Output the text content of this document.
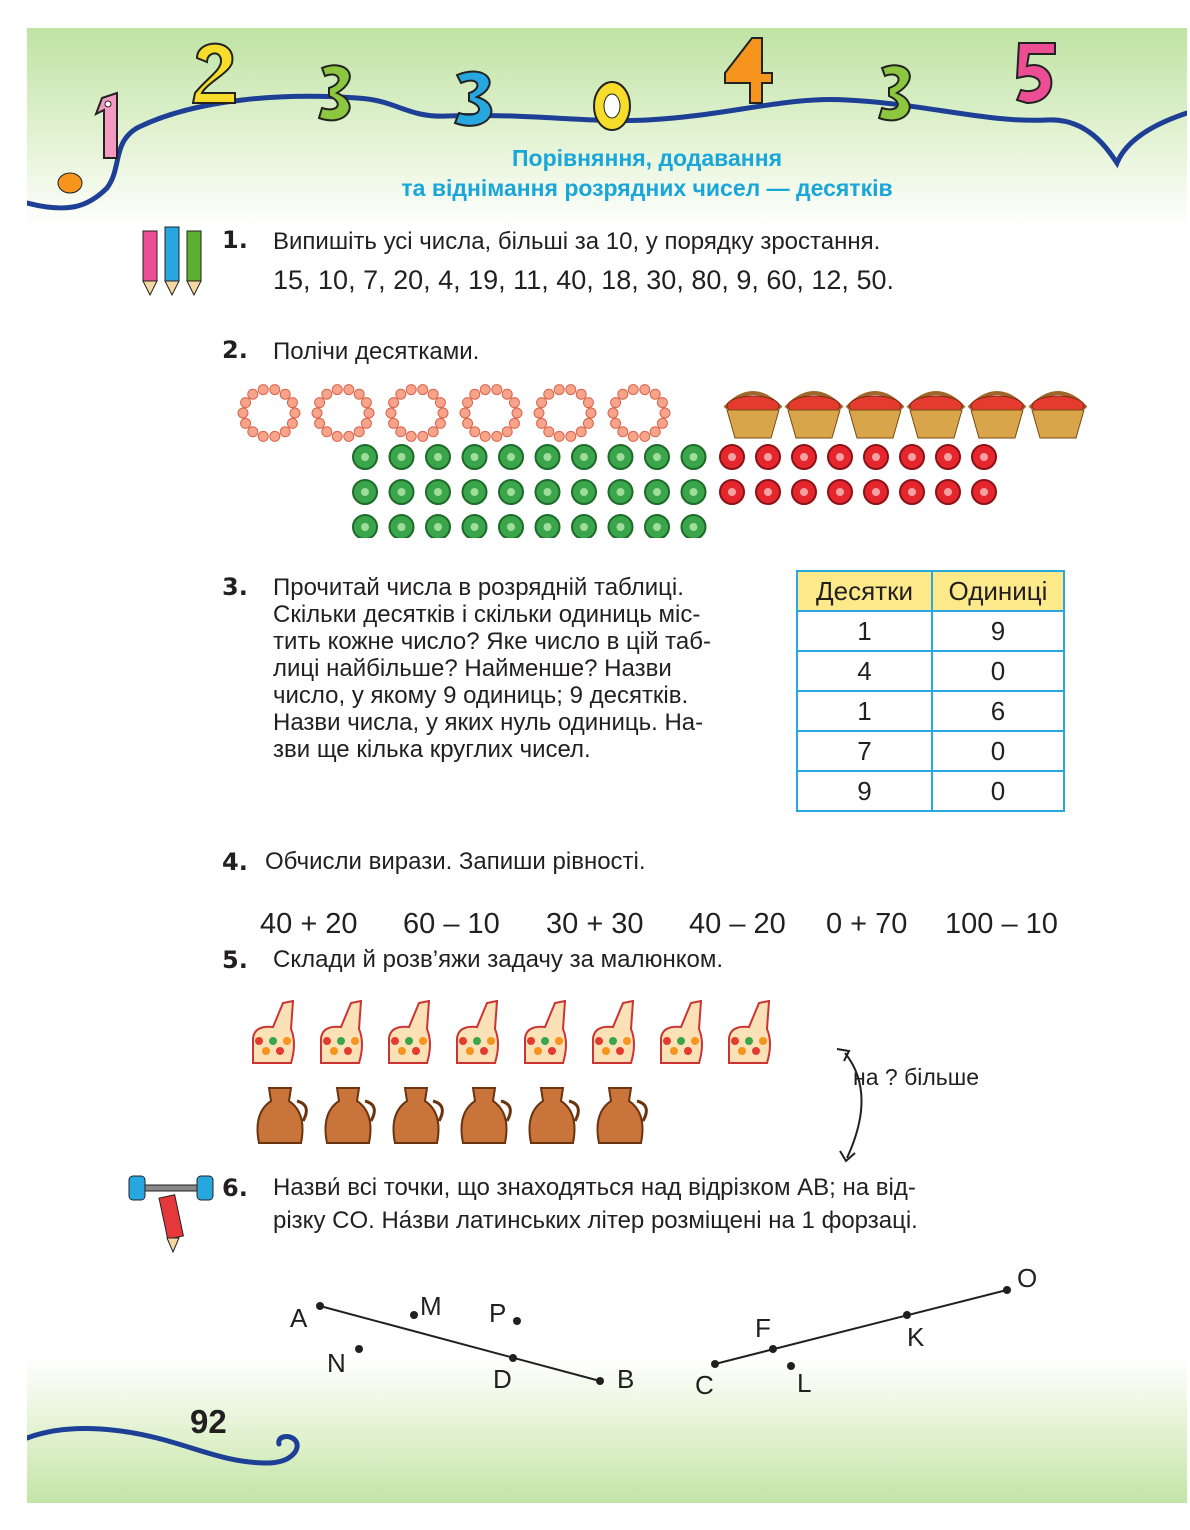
Порівняння, додавання
та віднімання розрядних чисел — десятків
1. Випишіть усі числа, більші за 10, у порядку зростання.
15, 10, 7, 20, 4, 19, 11, 40, 18, 30, 80, 9, 60, 12, 50.
2. Полічи десятками.
3. Прочитай числа в розрядній таблиці.
Скільки десятків і скільки одиниць міс-
тить кожне число? Яке число в цій таб-
лиці найбільше? Найменше? Назви
число, у якому 9 одиниць; 9 десятків.
Назви числа, у яких нуль одиниць. На-
зви ще кілька круглих чисел.
Десятки	Одиниці
1	9
4	0
1	6
7	0
9	0
4. Обчисли вирази. Запиши рівності.
40 + 20 60 – 10 30 + 30 40 – 20 0 + 70 100 – 10
5. Склади й розв’яжи задачу за малюнком.
на ? більше
6. Назви́ всі точки, що знаходяться над відрізком AB; на від-
різку CO. На́зви латинських літер розміщені на 1 форзаці.
A	M P
N
D	B C
F
L
K
O
92
